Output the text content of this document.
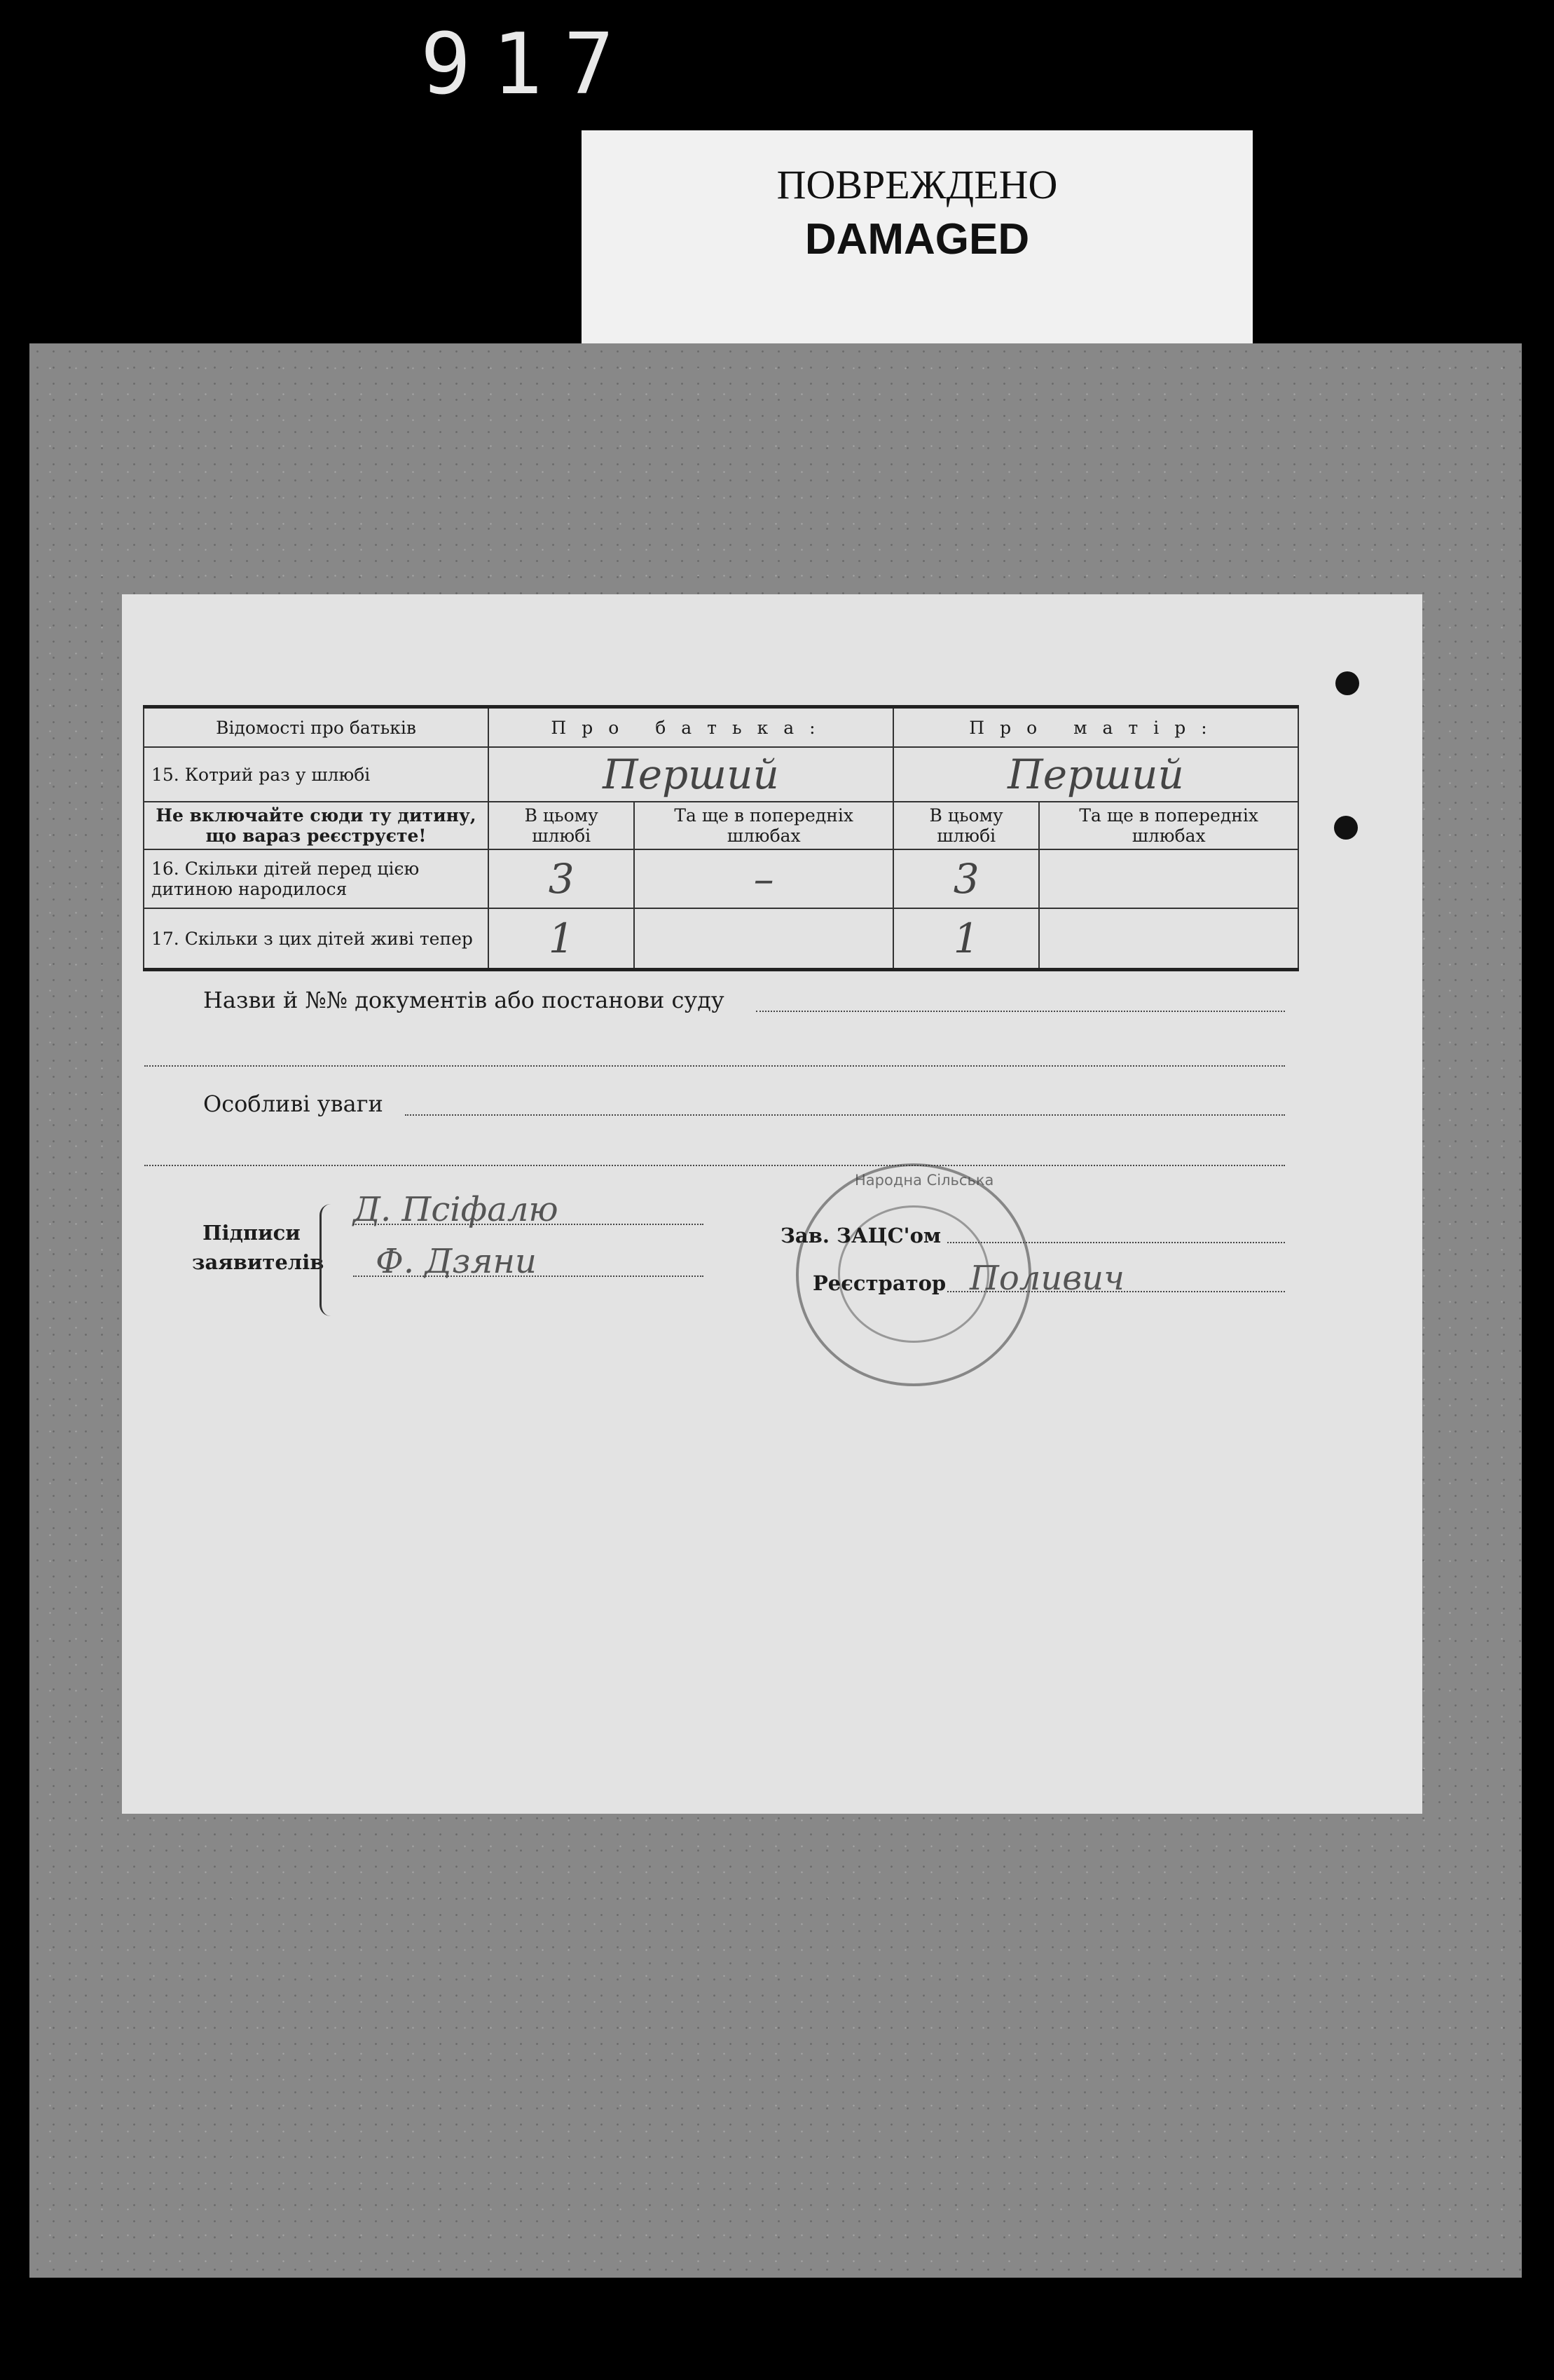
917
ПОВРЕЖДЕНО
DAMAGED
Відомості про батьків	Про батька:		Про матір:	
15. Котрий раз у шлюбі	Перший		Перший	
Не включайте сюди ту дитину, що вараз реєструєте!	В цьому шлюбі	Та ще в попередніх шлюбах	В цьому шлюбі	Та ще в попередніх шлюбах
16. Скільки дітей перед цією дитиною народилося	3	–	3	
17. Скільки з цих дітей живі тепер	1		1	
Назви й №№ документів або постанови суду
Особливі уваги
Підписи заявителів
Д. Псіфалю
Ф. Дзяни
Народна Сільська
Зав. ЗАЦС'ом
Реєстратор Поливич
